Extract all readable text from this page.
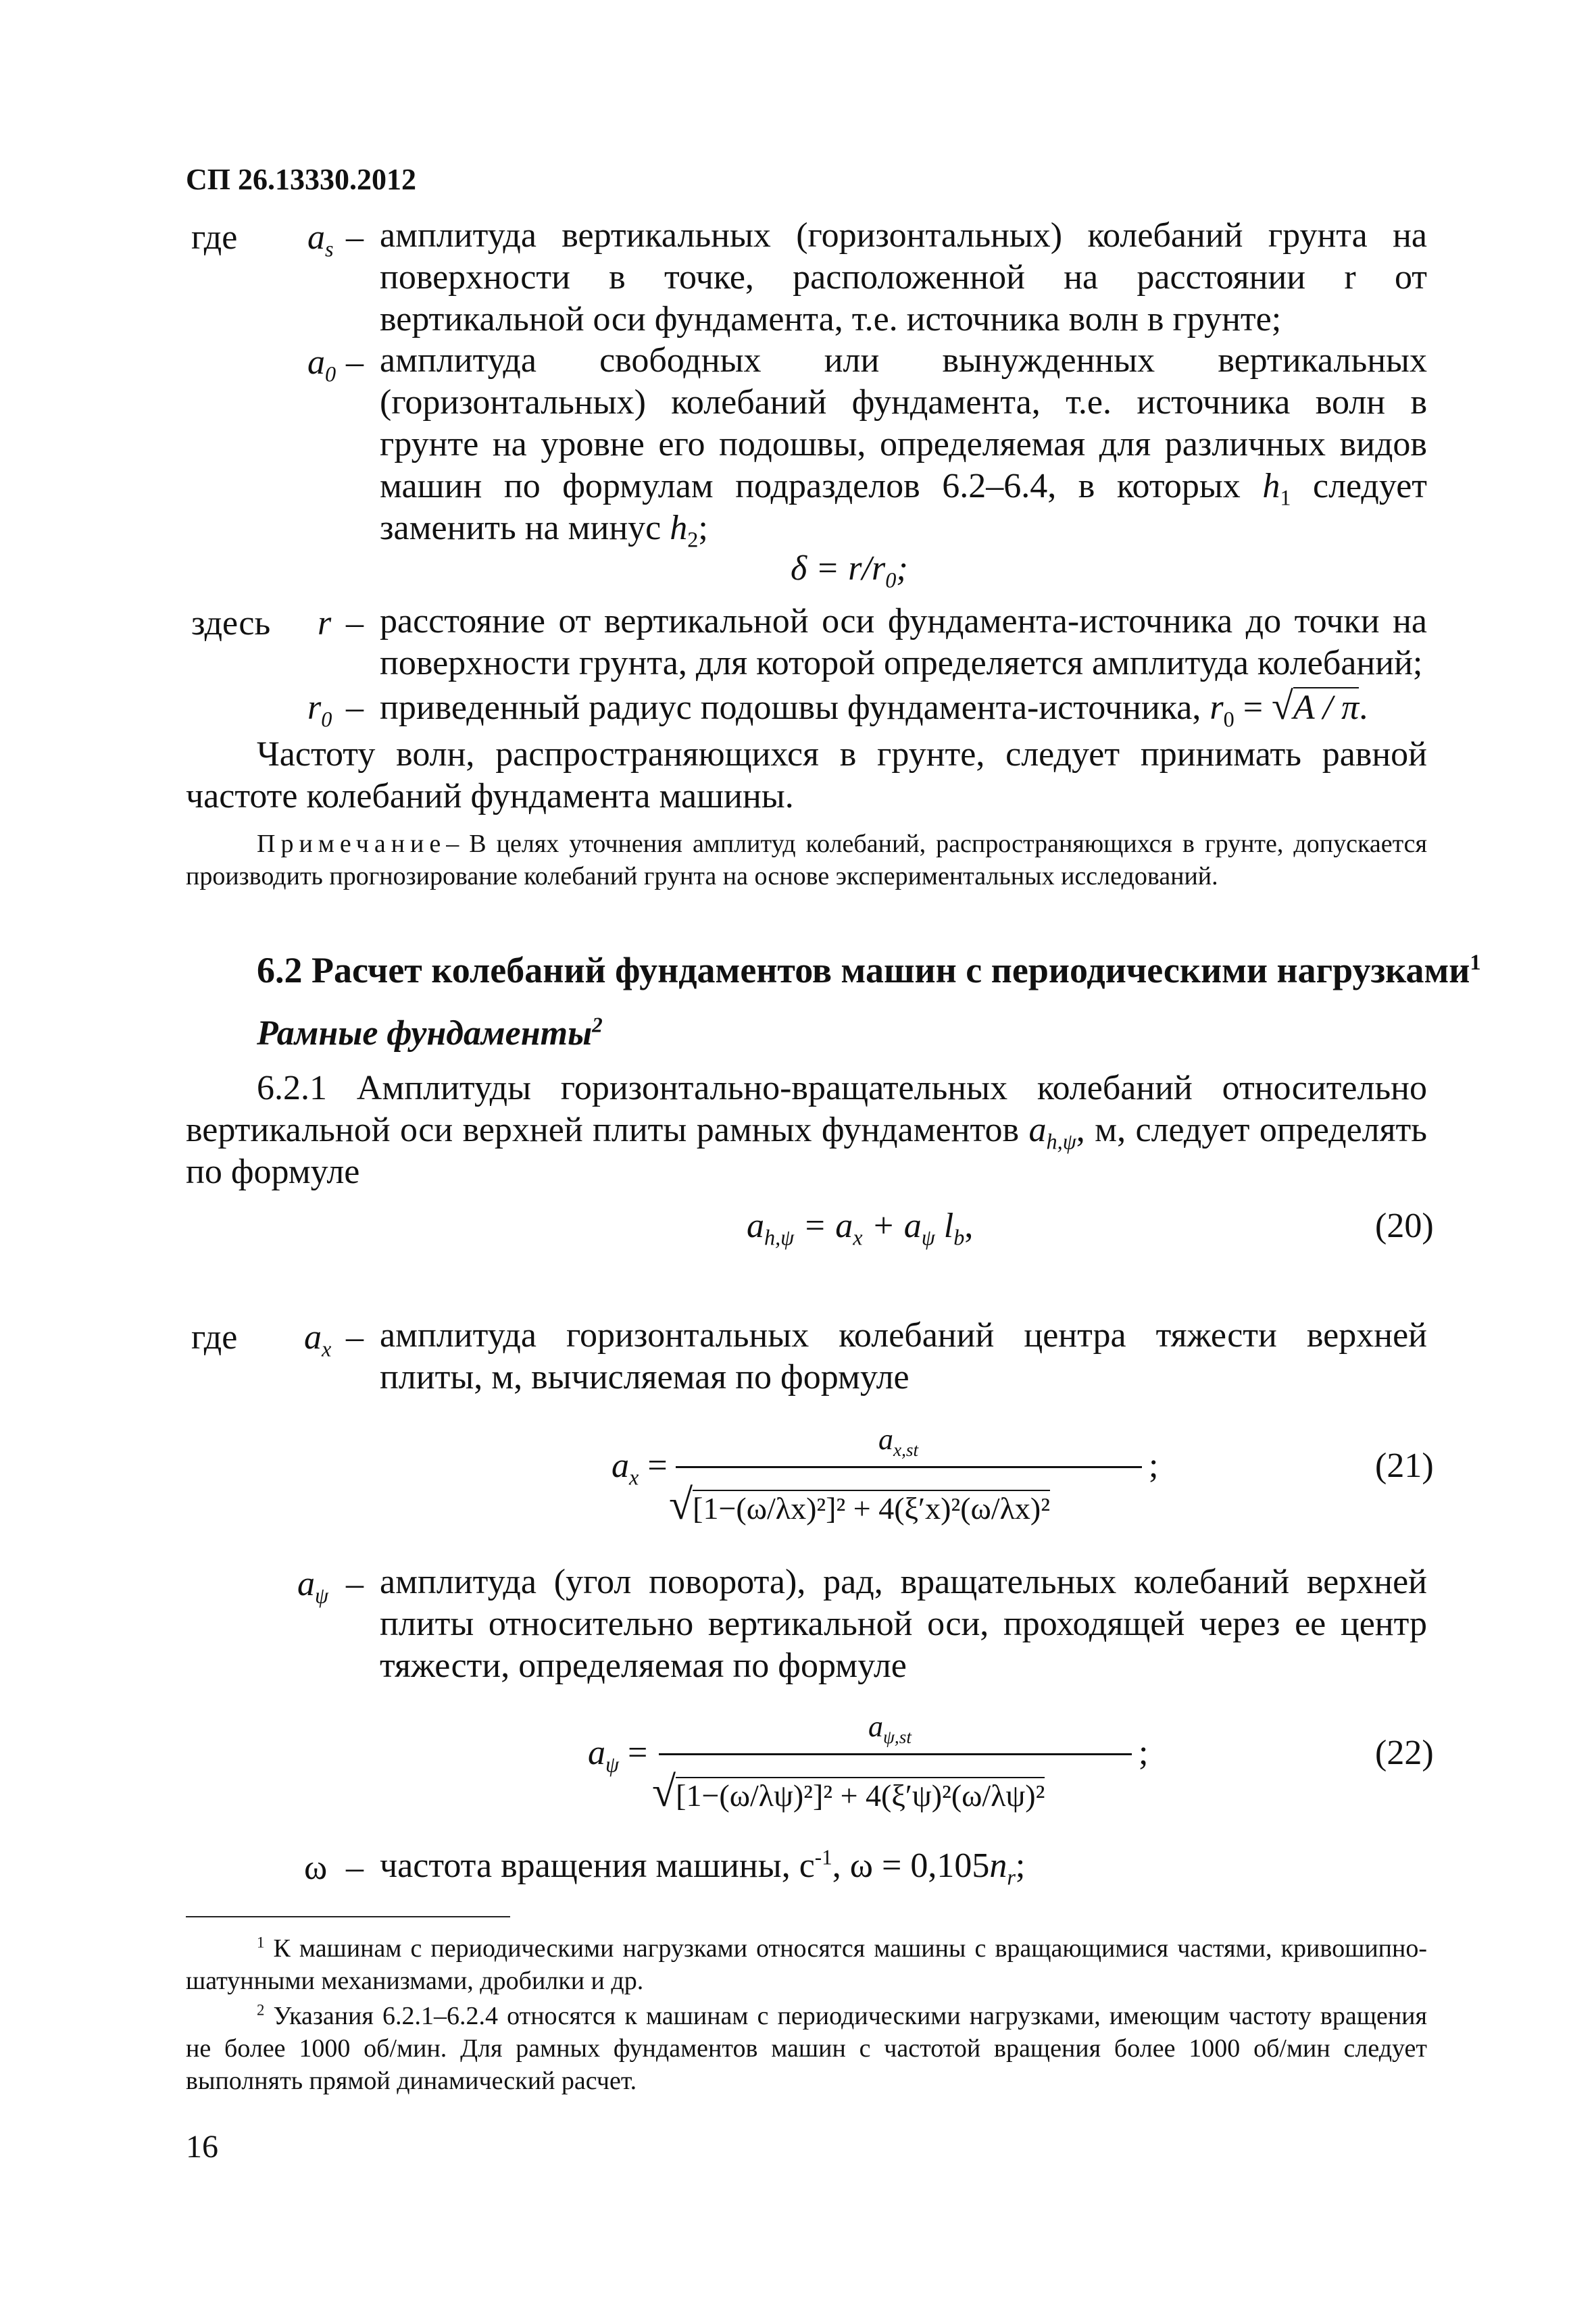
СП 26.13330.2012
где $a_s$ – амплитуда вертикальных (горизонтальных) колебаний грунта на поверхности в точке, расположенной на расстоянии r от вертикальной оси фундамента, т.е. источника волн в грунте;
$a_0$ – амплитуда свободных или вынужденных вертикальных (горизонтальных) колебаний фундамента, т.е. источника волн в грунте на уровне его подошвы, определяемая для различных видов машин по формулам подразделов 6.2–6.4, в которых $h_1$ следует заменить на минус $h_2$;
$\delta = r/r_0$;
здесь r – расстояние от вертикальной оси фундамента-источника до точки на поверхности грунта, для которой определяется амплитуда колебаний;
$r_0$ – приведенный радиус подошвы фундамента-источника, $r_0 = √A / \pi$.
Частоту волн, распространяющихся в грунте, следует принимать равной частоте колебаний фундамента машины.
Примечание– В целях уточнения амплитуд колебаний, распространяющихся в грунте, допускается производить прогнозирование колебаний грунта на основе экспериментальных исследований.
6.2 Расчет колебаний фундаментов машин с периодическими нагрузками$^1$
Рамные фундаменты$^2$
6.2.1 Амплитуды горизонтально-вращательных колебаний относительно вертикальной оси верхней плиты рамных фундаментов $a_{h,\psi}$, м, следует определять по формуле
$a_{h,\psi} = a_x + a_\psi$ $l_b$,	(20)
где $a_x$ – амплитуда горизонтальных колебаний центра тяжести верхней плиты, м, вычисляемая по формуле
$a_x$ =
$a_{x,st}$
√[1−(ω/λx)²]² + 4(ξ′x)²(ω/λx)²
;	(21)
$a_\psi$ – амплитуда (угол поворота), рад, вращательных колебаний верхней плиты относительно вертикальной оси, проходящей через ее центр тяжести, определяемая по формуле
$a_\psi$ =
$a_{\psi,st}$
√[1−(ω/λψ)²]² + 4(ξ′ψ)²(ω/λψ)²
;	(22)
ω – частота вращения машины, $с^{-1}$, $\omega = 0,105n_r$;
$^1$ К машинам с периодическими нагрузками относятся машины с вращающимися частями, кривошипно-шатунными механизмами, дробилки и др.
$^2$ Указания 6.2.1–6.2.4 относятся к машинам с периодическими нагрузками, имеющим частоту вращения не более 1000 об/мин. Для рамных фундаментов машин с частотой вращения более 1000 об/мин следует выполнять прямой динамический расчет.
16
